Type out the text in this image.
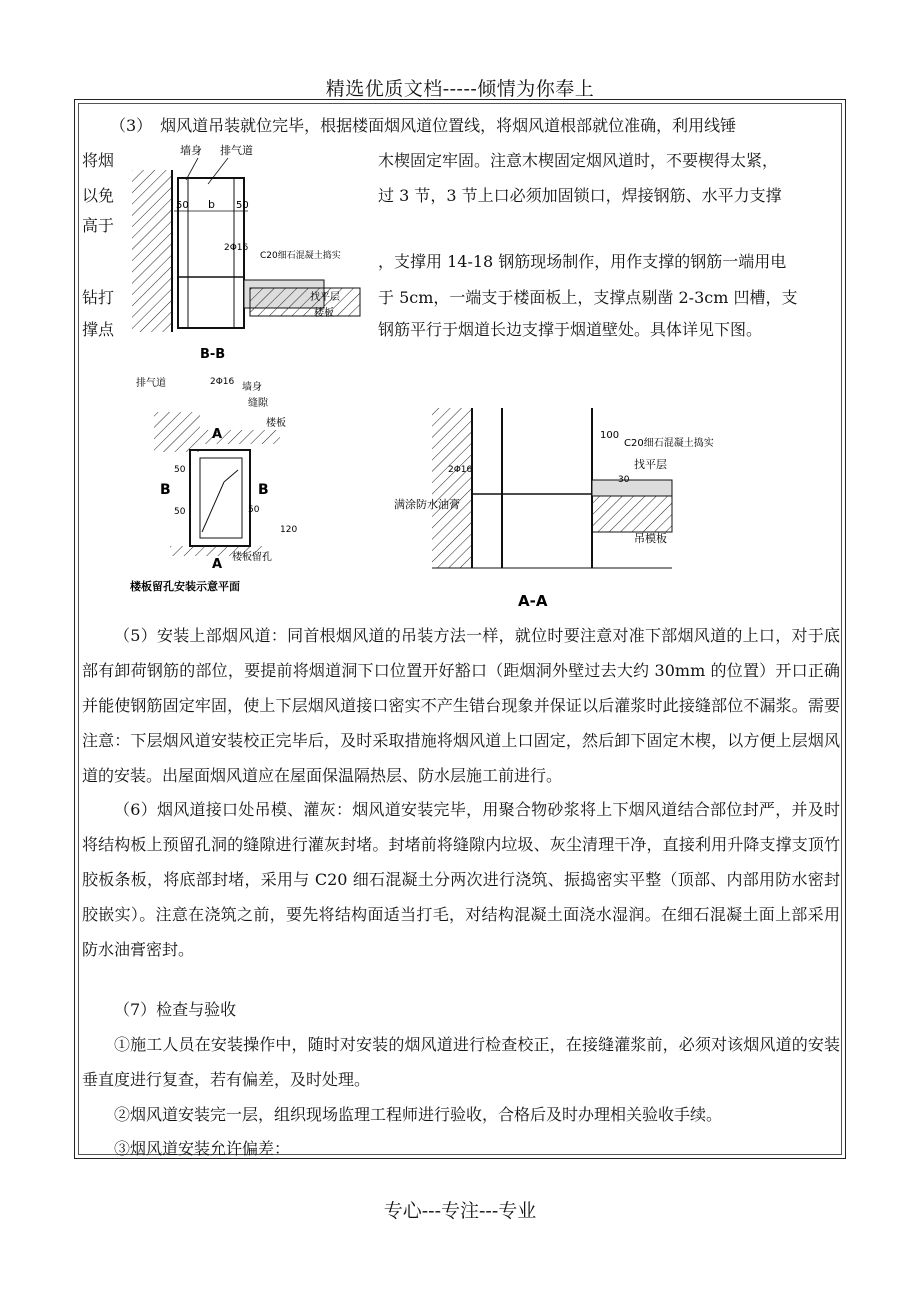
精选优质文档-----倾情为你奉上
（3）　烟风道吊装就位完毕，根据楼面烟风道位置线，将烟风道根部就位准确，利用线锤
将烟
以免
高于
钻打
撑点
木楔固定牢固。注意木楔固定烟风道时，不要楔得太紧，
过 3 节，3 节上口必须加固锁口，焊接钢筋、水平力支撑
，支撑用 14-18 钢筋现场制作，用作支撑的钢筋一端用电
于 5cm，一端支于楼面板上，支撑点剔凿 2-3cm 凹槽，支
钢筋平行于烟道长边支撑于烟道壁处。具体详见下图。
50 b 50
墙身 排气道
2Φ16
C20细石混凝土捣实
找平层
楼板
B-B
排气道	2Φ16 墙身
缝隙
楼板
A
B	B
A
50
50	50
120
楼板留孔
楼板留孔安装示意平面
100
C20细石混凝土捣实
30
找平层
2Φ16
满涂防水油膏
吊模板
A-A
（5）安装上部烟风道：同首根烟风道的吊装方法一样，就位时要注意对准下部烟风道的上口，对于底部有卸荷钢筋的部位，要提前将烟道洞下口位置开好豁口（距烟洞外壁过去大约 30mm 的位置）开口正确并能使钢筋固定牢固，使上下层烟风道接口密实不产生错台现象并保证以后灌浆时此接缝部位不漏浆。需要注意：下层烟风道安装校正完毕后，及时采取措施将烟风道上口固定，然后卸下固定木楔，以方便上层烟风道的安装。出屋面烟风道应在屋面保温隔热层、防水层施工前进行。
（6）烟风道接口处吊模、灌灰：烟风道安装完毕，用聚合物砂浆将上下烟风道结合部位封严，并及时将结构板上预留孔洞的缝隙进行灌灰封堵。封堵前将缝隙内垃圾、灰尘清理干净，直接利用升降支撑支顶竹胶板条板，将底部封堵，采用与 C20 细石混凝土分两次进行浇筑、振捣密实平整（顶部、内部用防水密封胶嵌实）。注意在浇筑之前，要先将结构面适当打毛，对结构混凝土面浇水湿润。在细石混凝土面上部采用防水油膏密封。
（7）检查与验收
①施工人员在安装操作中，随时对安装的烟风道进行检查校正，在接缝灌浆前，必须对该烟风道的安装垂直度进行复查，若有偏差，及时处理。
②烟风道安装完一层，组织现场监理工程师进行验收，合格后及时办理相关验收手续。
③烟风道安装允许偏差：
专心---专注---专业
